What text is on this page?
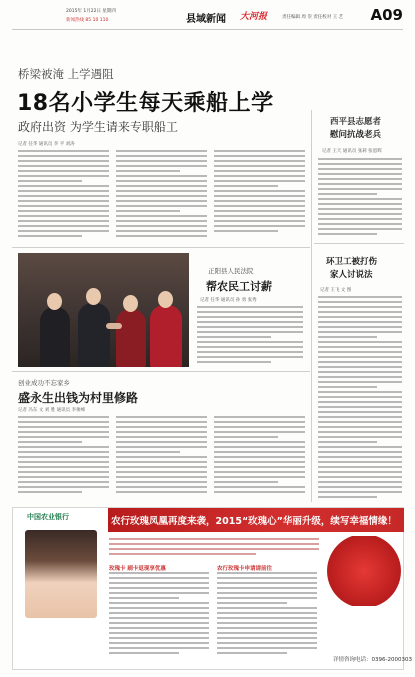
2015年 1月22日 星期四
新闻热线 85 10 110	县域新闻 大河报	责任编辑 周 崇 责任校对 王 艺 A09
桥梁被淹 上学遇阻
18名小学生每天乘船上学
政府出资 为学生请来专职船工
记者 任华 通讯员 李 平 刘涛
西平县志愿者
慰问抗战老兵
记者 王天 通讯员 张莉 张恩辉
正阳县人民法院
帮农民工讨薪
记者 任华 通讯员 孙 勇 张秀
环卫工被打伤
家人讨说法
记者 王飞 文 图
创业成功不忘家乡
盛永生出钱为村里修路
记者 冯东 文 刘 胜 通讯员 李俊峰
中国农业银行	农行玫瑰凤凰再度来袭，2015“玫瑰心”华丽升级，续写幸福情缘！
玫瑰卡 刷卡返现享优惠	农行玫瑰卡申请请前往
详情咨询电话：0396-2000303
